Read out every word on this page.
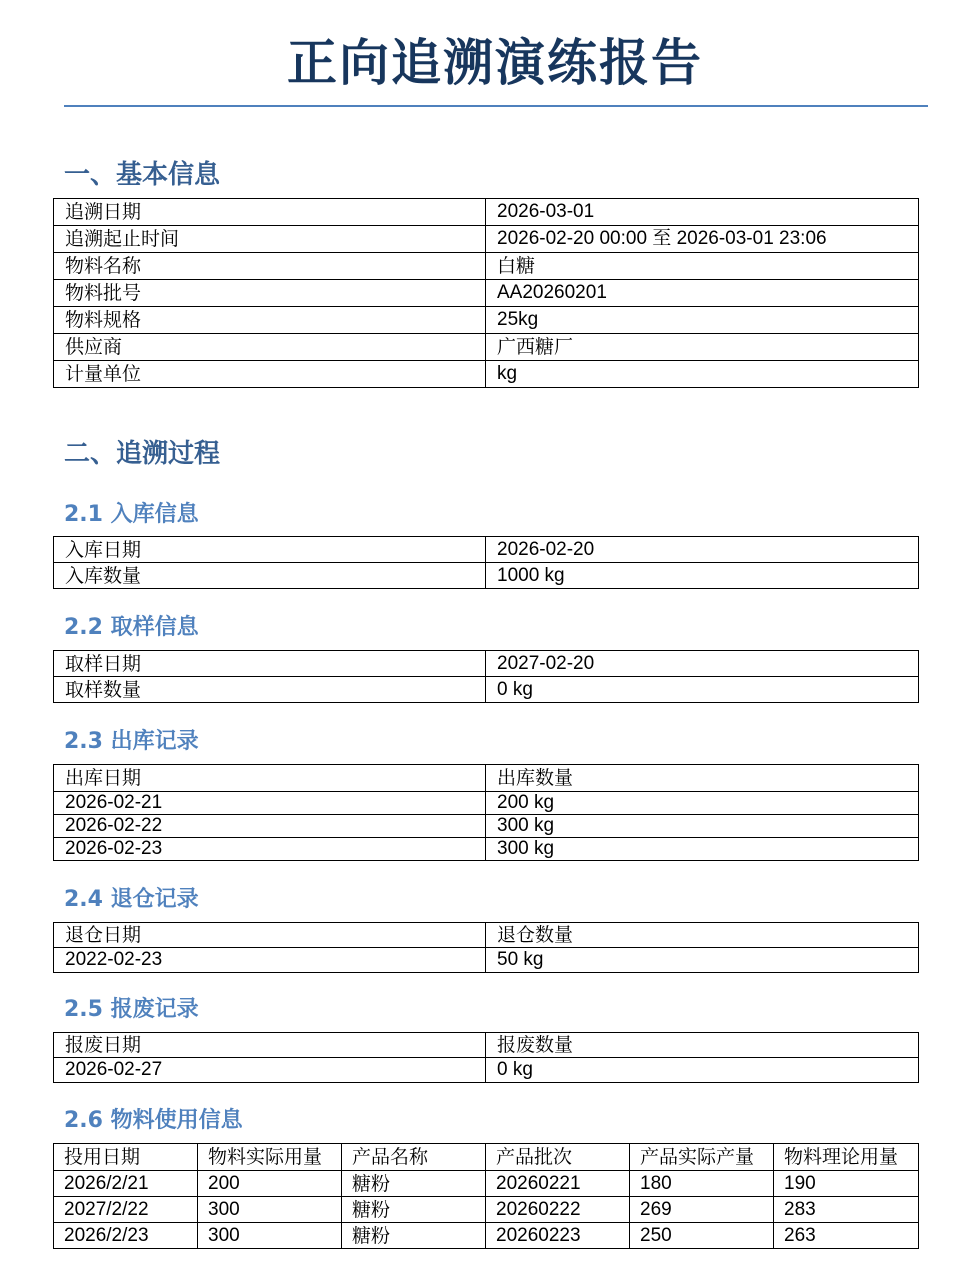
正向追溯演练报告
一、基本信息
追溯日期	2026-03-01
追溯起止时间	2026-02-20 00:00 至 2026-03-01 23:06
物料名称	白糖
物料批号	AA20260201
物料规格	25kg
供应商	广西糖厂
计量单位	kg
二、追溯过程
2.1 入库信息
入库日期	2026-02-20
入库数量	1000 kg
2.2 取样信息
取样日期	2027-02-20
取样数量	0 kg
2.3 出库记录
出库日期	出库数量
2026-02-21	200 kg
2026-02-22	300 kg
2026-02-23	300 kg
2.4 退仓记录
退仓日期	退仓数量
2022-02-23	50 kg
2.5 报废记录
报废日期	报废数量
2026-02-27	0 kg
2.6 物料使用信息
投用日期	物料实际用量	产品名称	产品批次	产品实际产量	物料理论用量
2026/2/21	200	糖粉	20260221	180	190
2027/2/22	300	糖粉	20260222	269	283
2026/2/23	300	糖粉	20260223	250	263
